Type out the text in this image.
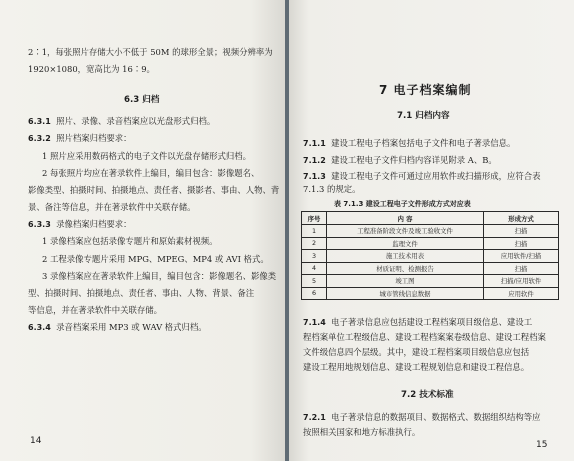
2∶1，每张照片存储大小不低于 50M 的球形全景；视频分辨率为
1920×1080，宽高比为 16∶9。
6.3 归档
6.3.1 照片、录像、录音档案应以光盘形式归档。
6.3.2 照片档案归档要求：
1 照片应采用数码格式的电子文件以光盘存储形式归档。
2 每张照片均应在著录软件上编目，编目包含：影像题名、
影像类型、拍摄时间、拍摄地点、责任者、摄影者、事由、人物、背
景、备注等信息，并在著录软件中关联存储。
6.3.3 录像档案归档要求：
1 录像档案应包括录像专题片和原始素材视频。
2 工程录像专题片采用 MPG、MPEG、MP4 或 AVI 格式。
3 录像档案应在著录软件上编目，编目包含：影像题名、影像类
型、拍摄时间、拍摄地点、责任者、事由、人物、背景、备注
等信息，并在著录软件中关联存储。
6.3.4 录音档案采用 MP3 或 WAV 格式归档。
14
7 电子档案编制
7.1 归档内容
7.1.1 建设工程电子档案包括电子文件和电子著录信息。
7.1.2 建设工程电子文件归档内容详见附录 A、B。
7.1.3 建设工程电子文件可通过应用软件或扫描形成，应符合表
7.1.3 的规定。
表 7.1.3 建设工程电子文件形成方式对应表
序号	内 容	形成方式
1	工程准备阶段文件及竣工验收文件	扫描
2	监理文件	扫描
3	施工技术用表	应用软件/扫描
4	材质证明、检测报告	扫描
5	竣工图	扫描/应用软件
6	城市管线信息数据	应用软件
7.1.4 电子著录信息应包括建设工程档案项目级信息、建设工
程档案单位工程级信息、建设工程档案案卷级信息、建设工程档案
文件级信息四个层级。其中，建设工程档案项目级信息应包括
建设工程用地规划信息、建设工程规划信息和建设工程信息。
7.2 技术标准
7.2.1 电子著录信息的数据项目、数据格式、数据组织结构等应
按照相关国家和地方标准执行。
15
